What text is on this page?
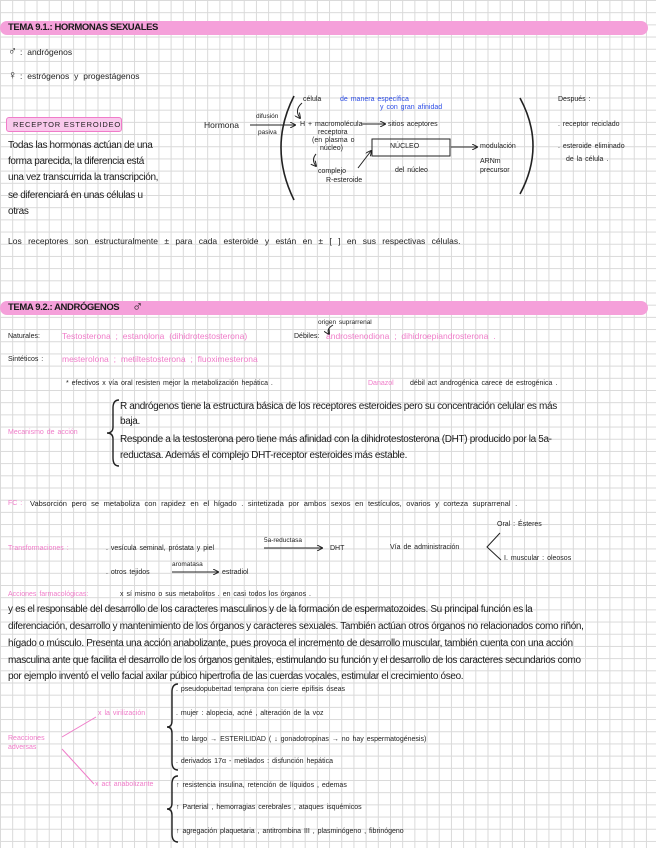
TEMA 9.1.: HORMONAS SEXUALES
♂ : andrógenos
♀ : estrógenos y progestágenos
célula	de manera específica
y con gran afinidad
Después :
RECEPTOR ESTEROIDEO	Hormona
difusión
pasiva
H + macromolécula
receptora
(en plasma o
núcleo)
sitios aceptores	. receptor reciclado
NÚCLEO	modulación	. esteroide eliminado
de la célula .
ARNm
precursor
complejo
R-esteroide
del núcleo
Todas las hormonas actúan de una
forma parecida, la diferencia está
una vez transcurrida la transcripción,
se diferenciará en unas células u
otras
Los receptores son estructuralmente ± para cada esteroide y están en ± [ ] en sus respectivas células.
TEMA 9.2.: ANDRÓGENOS ♂
Naturales:	Testosterona ; estanolona (dihidrotestosterona)
origen suprarrenal
Débiles: androstenodiona ; dihidroepiandrosterona .
Sintéticos : mesterolona ; metiltestosterona ; fluoximesterona
* efectivos x vía oral resisten mejor la metabolización hepática .	Danazol débil act androgénica carece de estrogénica .
Mecanismo de acción
R andrógenos tiene la estructura básica de los receptores esteroides pero su concentración celular es más
baja.
Responde a la testosterona pero tiene más afinidad con la dihidrotestosterona (DHT) producido por la 5a-
reductasa. Además el complejo DHT-receptor esteroides más estable.
FC : Vabsorción pero se metaboliza con rapidez en el hígado . sintetizada por ambos sexos en testículos, ovarios y corteza suprarrenal .
Oral : Ésteres
Transformaciones :	. vesícula seminal, próstata y piel
5a-reductasa
DHT	Vía de administración
I. muscular : oleosos
. otros tejidos
aromatasa
estradiol
Acciones farmacológicas:	x sí mismo o sus metabolitos . en casi todos los órganos .
y es el responsable del desarrollo de los caracteres masculinos y de la formación de espermatozoides. Su principal función es la
diferenciación, desarrollo y mantenimiento de los órganos y caracteres sexuales. También actúan otros órganos no relacionados como riñón,
hígado o músculo. Presenta una acción anabolizante, pues provoca el incremento de desarrollo muscular, también cuenta con una acción
masculina ante que facilita el desarrollo de los órganos genitales, estimulando su función y el desarrollo de los caracteres secundarios como
por ejemplo inventó el vello facial axilar púbico hipertrofia de las cuerdas vocales, estimular el crecimiento óseo.
Reacciones
adversas
x la virilización
. pseudopubertad temprana con cierre epífisis óseas
. mujer : alopecia, acné , alteración de la voz
. tto largo → ESTERILIDAD ( ↓ gonadotropinas → no hay espermatogénesis)
. derivados 17α - metilados : disfunción hepática
x act anabolizante	↑ resistencia insulina, retención de líquidos , edemas
↑ Parterial , hemorragias cerebrales , ataques isquémicos
↑ agregación plaquetaria , antitrombina III , plasminógeno , fibrinógeno
